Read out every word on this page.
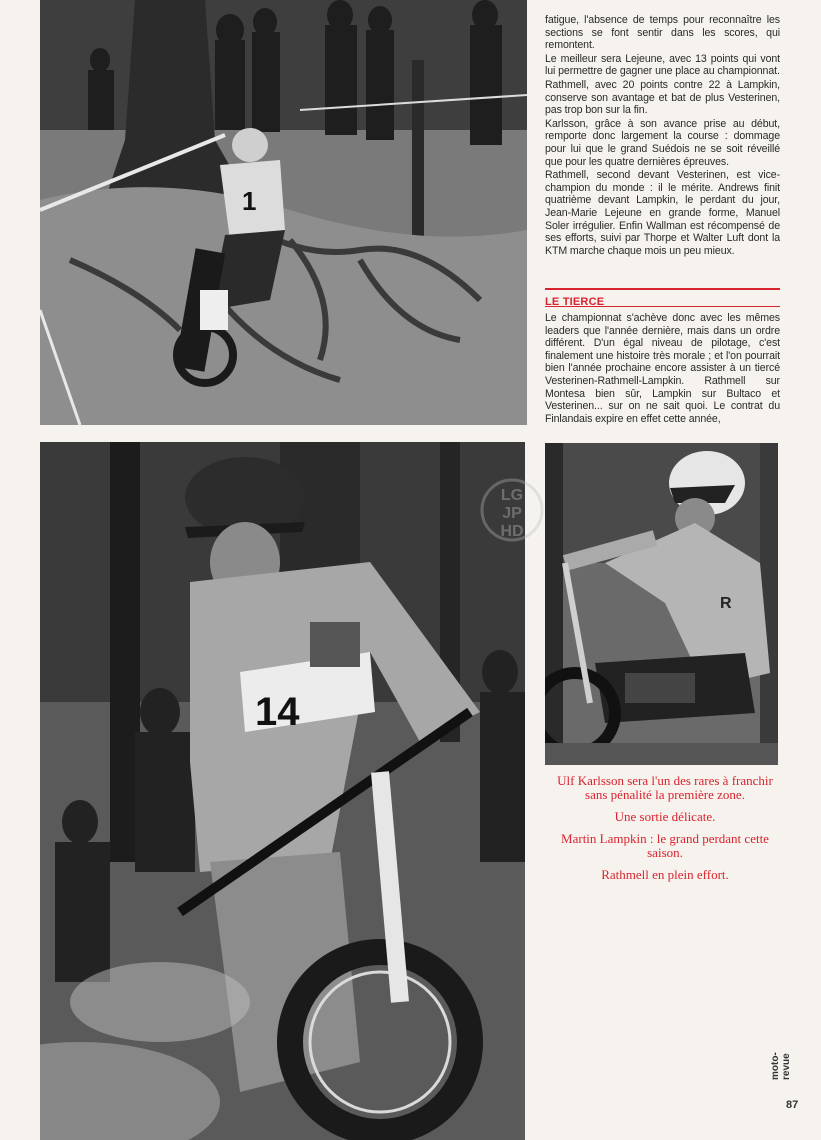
1
14
R
LG
JP
HD

fatigue, l'absence de temps pour reconnaître les sections se font sentir dans les scores, qui remontent.

Le meilleur sera Lejeune, avec 13 points qui vont lui permettre de gagner une place au championnat.

Rathmell, avec 20 points contre 22 à Lampkin, conserve son avantage et bat de plus Vesterinen, pas trop bon sur la fin.

Karlsson, grâce à son avance prise au début, remporte donc largement la course : dommage pour lui que le grand Suédois ne se soit réveillé que pour les quatre dernières épreuves.

Rathmell, second devant Vesterinen, est vice-champion du monde : il le mérite. Andrews finit quatrième devant Lampkin, le perdant du jour, Jean-Marie Lejeune en grande forme, Manuel Soler irrégulier. Enfin Wallman est récompensé de ses efforts, suivi par Thorpe et Walter Luft dont la KTM marche chaque mois un peu mieux.

LE TIERCE

Le championnat s'achève donc avec les mêmes leaders que l'année dernière, mais dans un ordre différent. D'un égal niveau de pilotage, c'est finalement une histoire très morale ; et l'on pourrait bien l'année prochaine encore assister à un tiercé Vesterinen-Rathmell-Lampkin. Rathmell sur Montesa bien sûr, Lampkin sur Bultaco et Vesterinen... sur on ne sait quoi. Le contrat du Finlandais expire en effet cette année,

Ulf Karlsson sera l'un des rares à franchir sans pénalité la première zone.

Une sortie délicate.

Martin Lampkin : le grand perdant cette saison.

Rathmell en plein effort.

moto-revue
87
